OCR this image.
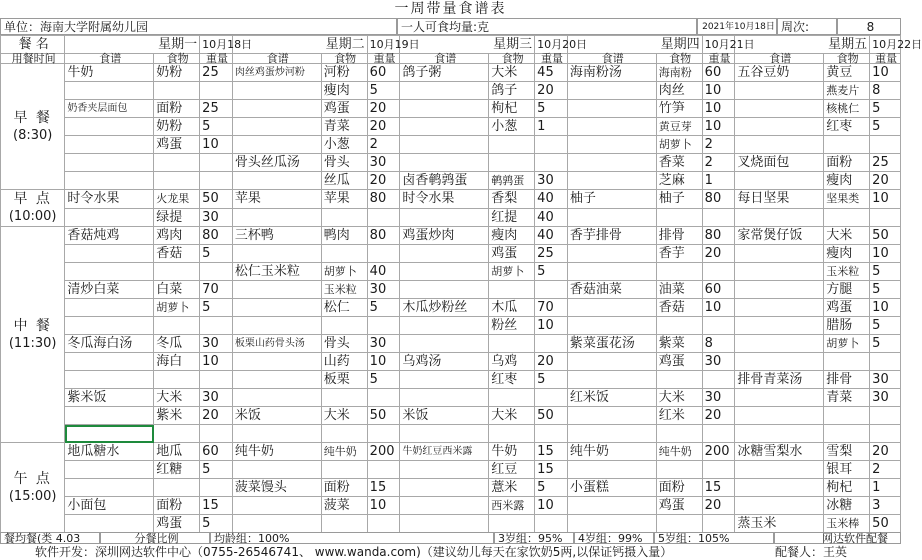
一周带量食谱表
单位：海南大学附属幼儿园	一人可食均量:克	2021年10月18日 周次:	8
餐 名	星期一		10月18日	星期二		10月19日	星期三		10月20日	星期四		10月21日	星期五		10月22日
用餐时间	食谱	食物	重量	食谱	食物	重量	食谱	食物	重量	食谱	食物	重量	食谱	食物	重量

早 餐
(8:30)	牛奶	奶粉	25	肉丝鸡蛋炒河粉	河粉	60	鸽子粥	大米	45	海南粉汤	海南粉	60	五谷豆奶	黄豆	10
					瘦肉	5		鸽子	20		肉丝	10		燕麦片	8
	奶香夹层面包	面粉	25		鸡蛋	20		枸杞	5		竹笋	10		核桃仁	5
		奶粉	5		青菜	20		小葱	1		黄豆芽	10		红枣	5
		鸡蛋	10		小葱	2					胡萝卜	2			
				骨头丝瓜汤	骨头	30					香菜	2	叉烧面包	面粉	25
					丝瓜	20	卤香鹌鹑蛋	鹌鹑蛋	30		芝麻	1		瘦肉	20

早 点
(10:00)	时令水果	火龙果	50	苹果	苹果	80	时令水果	香梨	40	柚子	柚子	80	每日坚果	坚果类	10
		绿提	30					红提	40						

中 餐
(11:30)	香菇炖鸡	鸡肉	80	三杯鸭	鸭肉	80	鸡蛋炒肉	瘦肉	40	香芋排骨	排骨	80	家常煲仔饭	大米	50
		香菇	5					鸡蛋	25		香芋	20		瘦肉	10
				松仁玉米粒	胡萝卜	40		胡萝卜	5					玉米粒	5
	清炒白菜	白菜	70		玉米粒	30				香菇油菜	油菜	60		方腿	5
		胡萝卜	5		松仁	5	木瓜炒粉丝	木瓜	70		香菇	10		鸡蛋	10
								粉丝	10					腊肠	5
	冬瓜海白汤	冬瓜	30	板栗山药骨头汤	骨头	30				紫菜蛋花汤	紫菜	8		胡萝卜	5
		海白	10		山药	10	乌鸡汤	乌鸡	20		鸡蛋	30			
					板栗	5		红枣	5				排骨青菜汤	排骨	30
	紫米饭	大米	30							红米饭	大米	30		青菜	30
		紫米	20	米饭	大米	50	米饭	大米	50		红米	20			

午 点
(15:00)	地瓜糖水	地瓜	60	纯牛奶	纯牛奶	200	牛奶红豆西米露	牛奶	15	纯牛奶	纯牛奶	200	冰糖雪梨水	雪梨	20
		红糖	5					红豆	15					银耳	2
				菠菜馒头	面粉	15		薏米	5	小蛋糕	面粉	15		枸杞	1
	小面包	面粉	15		菠菜	10		西米露	10		鸡蛋	20		冰糖	3
		鸡蛋	5										蒸玉米	玉米棒	50
餐均餐(类 4.03	分餐比例	均龄组：100%	3岁组：95%	4岁组：99%	5岁组：105%	网达软件配餐
软件开发：深圳网达软件中心（0755-26546741、 www.wanda.com)（建议幼儿每天在家饮奶5两,以保证钙摄入量）	配餐人：王英
